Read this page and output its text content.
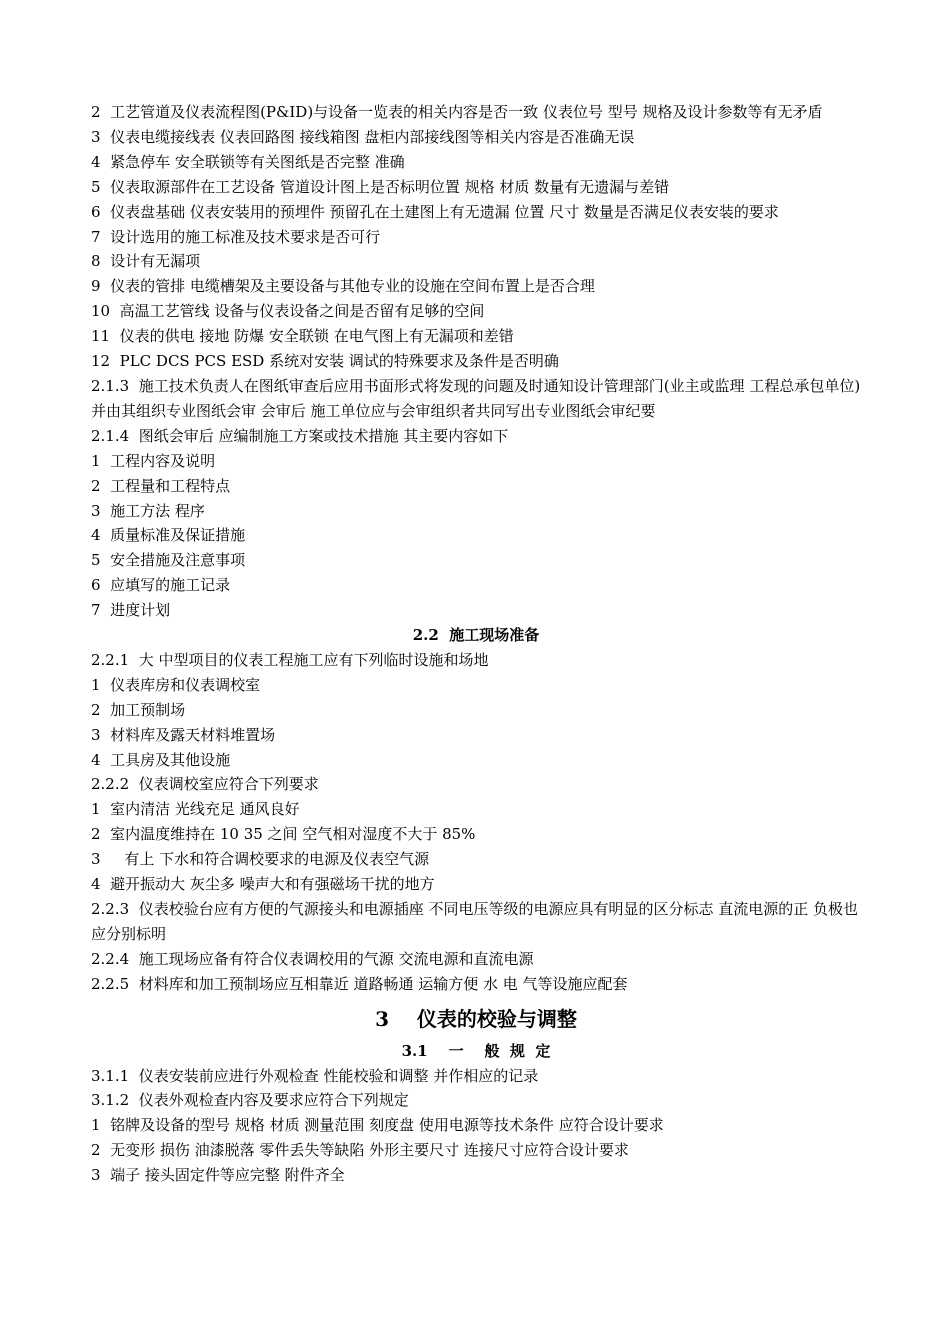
2  工艺管道及仪表流程图(P&ID)与设备一览表的相关内容是否一致 仪表位号 型号 规格及设计参数等有无矛盾
3  仪表电缆接线表 仪表回路图 接线箱图 盘柜内部接线图等相关内容是否准确无误
4  紧急停车 安全联锁等有关图纸是否完整 准确
5  仪表取源部件在工艺设备 管道设计图上是否标明位置 规格 材质 数量有无遗漏与差错
6  仪表盘基础 仪表安装用的预埋件 预留孔在土建图上有无遗漏 位置 尺寸 数量是否满足仪表安装的要求
7  设计选用的施工标准及技术要求是否可行
8  设计有无漏项
9  仪表的管排 电缆槽架及主要设备与其他专业的设施在空间布置上是否合理
10  高温工艺管线 设备与仪表设备之间是否留有足够的空间
11  仪表的供电 接地 防爆 安全联锁 在电气图上有无漏项和差错
12  PLC DCS PCS ESD 系统对安装 调试的特殊要求及条件是否明确
2.1.3  施工技术负责人在图纸审查后应用书面形式将发现的问题及时通知设计管理部门(业主或监理 工程总承包单位) 并由其组织专业图纸会审 会审后 施工单位应与会审组织者共同写出专业图纸会审纪要
2.1.4  图纸会审后 应编制施工方案或技术措施 其主要内容如下
1  工程内容及说明
2  工程量和工程特点
3  施工方法 程序
4  质量标准及保证措施
5  安全措施及注意事项
6  应填写的施工记录
7  进度计划
2.2  施工现场准备
2.2.1  大 中型项目的仪表工程施工应有下列临时设施和场地
1  仪表库房和仪表调校室
2  加工预制场
3  材料库及露天材料堆置场
4  工具房及其他设施
2.2.2  仪表调校室应符合下列要求
1  室内清洁 光线充足 通风良好
2  室内温度维持在 10 35 之间 空气相对湿度不大于 85%
3     有上 下水和符合调校要求的电源及仪表空气源
4  避开振动大 灰尘多 噪声大和有强磁场干扰的地方
2.2.3  仪表校验台应有方便的气源接头和电源插座 不同电压等级的电源应具有明显的区分标志 直流电源的正 负极也应分别标明
2.2.4  施工现场应备有符合仪表调校用的气源 交流电源和直流电源
2.2.5  材料库和加工预制场应互相靠近 道路畅通 运输方便 水 电 气等设施应配套
3    仪表的校验与调整
3.1    一    般  规  定
3.1.1  仪表安装前应进行外观检查 性能校验和调整 并作相应的记录
3.1.2  仪表外观检查内容及要求应符合下列规定
1  铭牌及设备的型号 规格 材质 测量范围 刻度盘 使用电源等技术条件 应符合设计要求
2  无变形 损伤 油漆脱落 零件丢失等缺陷 外形主要尺寸 连接尺寸应符合设计要求
3  端子 接头固定件等应完整 附件齐全
